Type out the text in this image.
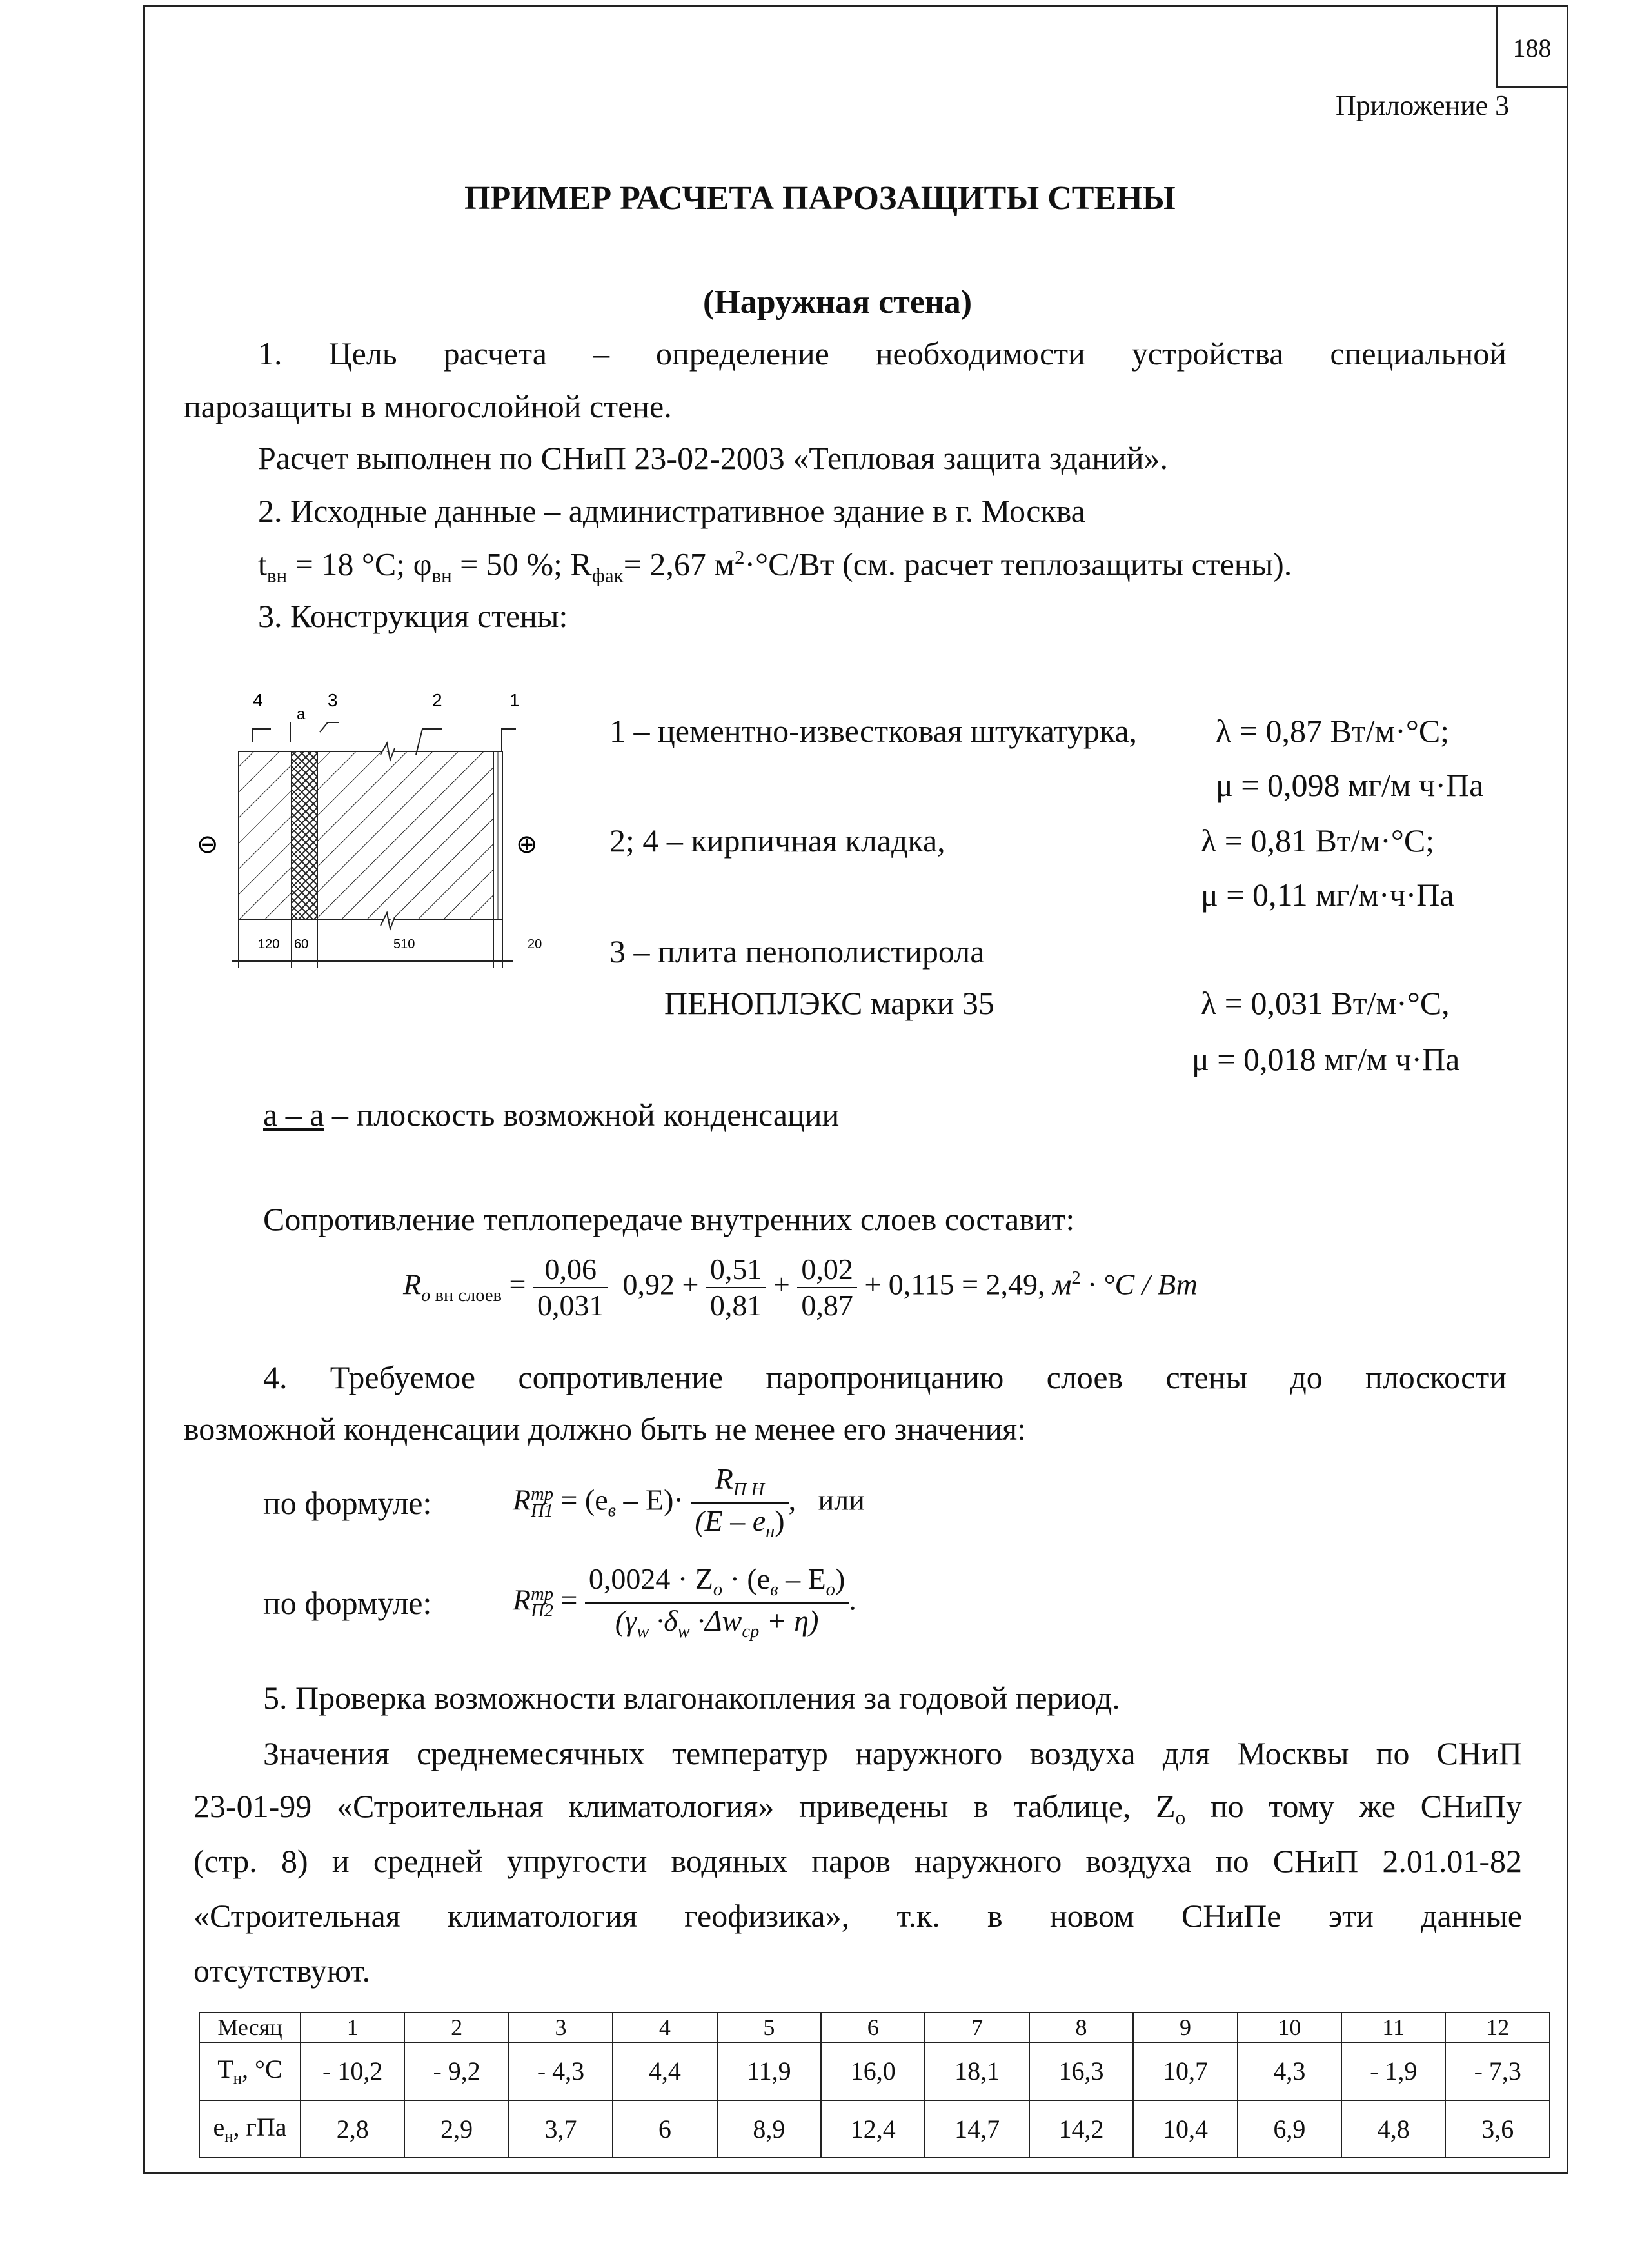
188
Приложение 3
ПРИМЕР РАСЧЕТА ПАРОЗАЩИТЫ СТЕНЫ
(Наружная стена)
1. Цель расчета – определение необходимости устройства специальной
парозащиты в многослойной стене.
Расчет выполнен по СНиП 23-02-2003 «Тепловая защита зданий».
2. Исходные данные – административное здание в г. Москва
$t_{вн} = 18$ °С; $\varphi_{вн} = 50$ %; $R_{фак}= 2,67$ $м^2\cdot^\circ С/Вт$ (см. расчет теплозащиты стены).
3. Конструкция стены:
4
a
3	2	1
⊖	⊕
120 60	510	20
1 – цементно-известковая штукатурка, λ = 0,87 Вт/м·°С;
μ = 0,098 мг/м ч·Па
2; 4 – кирпичная кладка,	λ = 0,81 Вт/м·°С;
μ = 0,11 мг/м·ч·Па
3 – плита пенополистирола
ПЕНОПЛЭКС марки 35	λ = 0,031 Вт/м·°С,
μ = 0,018 мг/м ч·Па
а – а – плоскость возможной конденсации
Сопротивление теплопередаче внутренних слоев составит:
$R_о$ $_{вн слоев} = \frac{0,06}{0,031} 0,92 + \frac{0,51}{0,81} + \frac{0,02}{0,87} + 0,115 = 2,49$, $м^2 \cdot ^\circ С$ / Вт
4. Требуемое сопротивление паропроницанию слоев стены до плоскости
возможной конденсации должно быть не менее его значения:
по формуле:	R тр
$П1 = (e_в - E)\cdot \frac{R_{П Н}}{(E - e_н)}$ , или
по формуле:	R тр
$П2 = \frac{0,0024 \cdot Z_o \cdot (e_в - E_o)}{(\gamma_w \cdot\delta_w \cdot\Delta w_{ср} + \eta)}$ .
5. Проверка возможности влагонакопления за годовой период.
Значения среднемесячных температур наружного воздуха для Москвы по СНиП
23-01-99 «Строительная климатология» приведены в таблице, $Z_о$ по тому же СНиПу
(стр. 8) и средней упругости водяных паров наружного воздуха по СНиП 2.01.01-82
«Строительная климатология геофизика», т.к. в новом СНиПе эти данные
отсутствуют.
Месяц	1	2	3	4	5	6	7	8	9	10	11	12
$T_н$, °С	- 10,2	- 9,2	- 4,3	4,4	11,9	16,0	18,1	16,3	10,7	4,3	- 1,9	- 7,3
$e_н$, гПа	2,8	2,9	3,7	6	8,9	12,4	14,7	14,2	10,4	6,9	4,8	3,6
